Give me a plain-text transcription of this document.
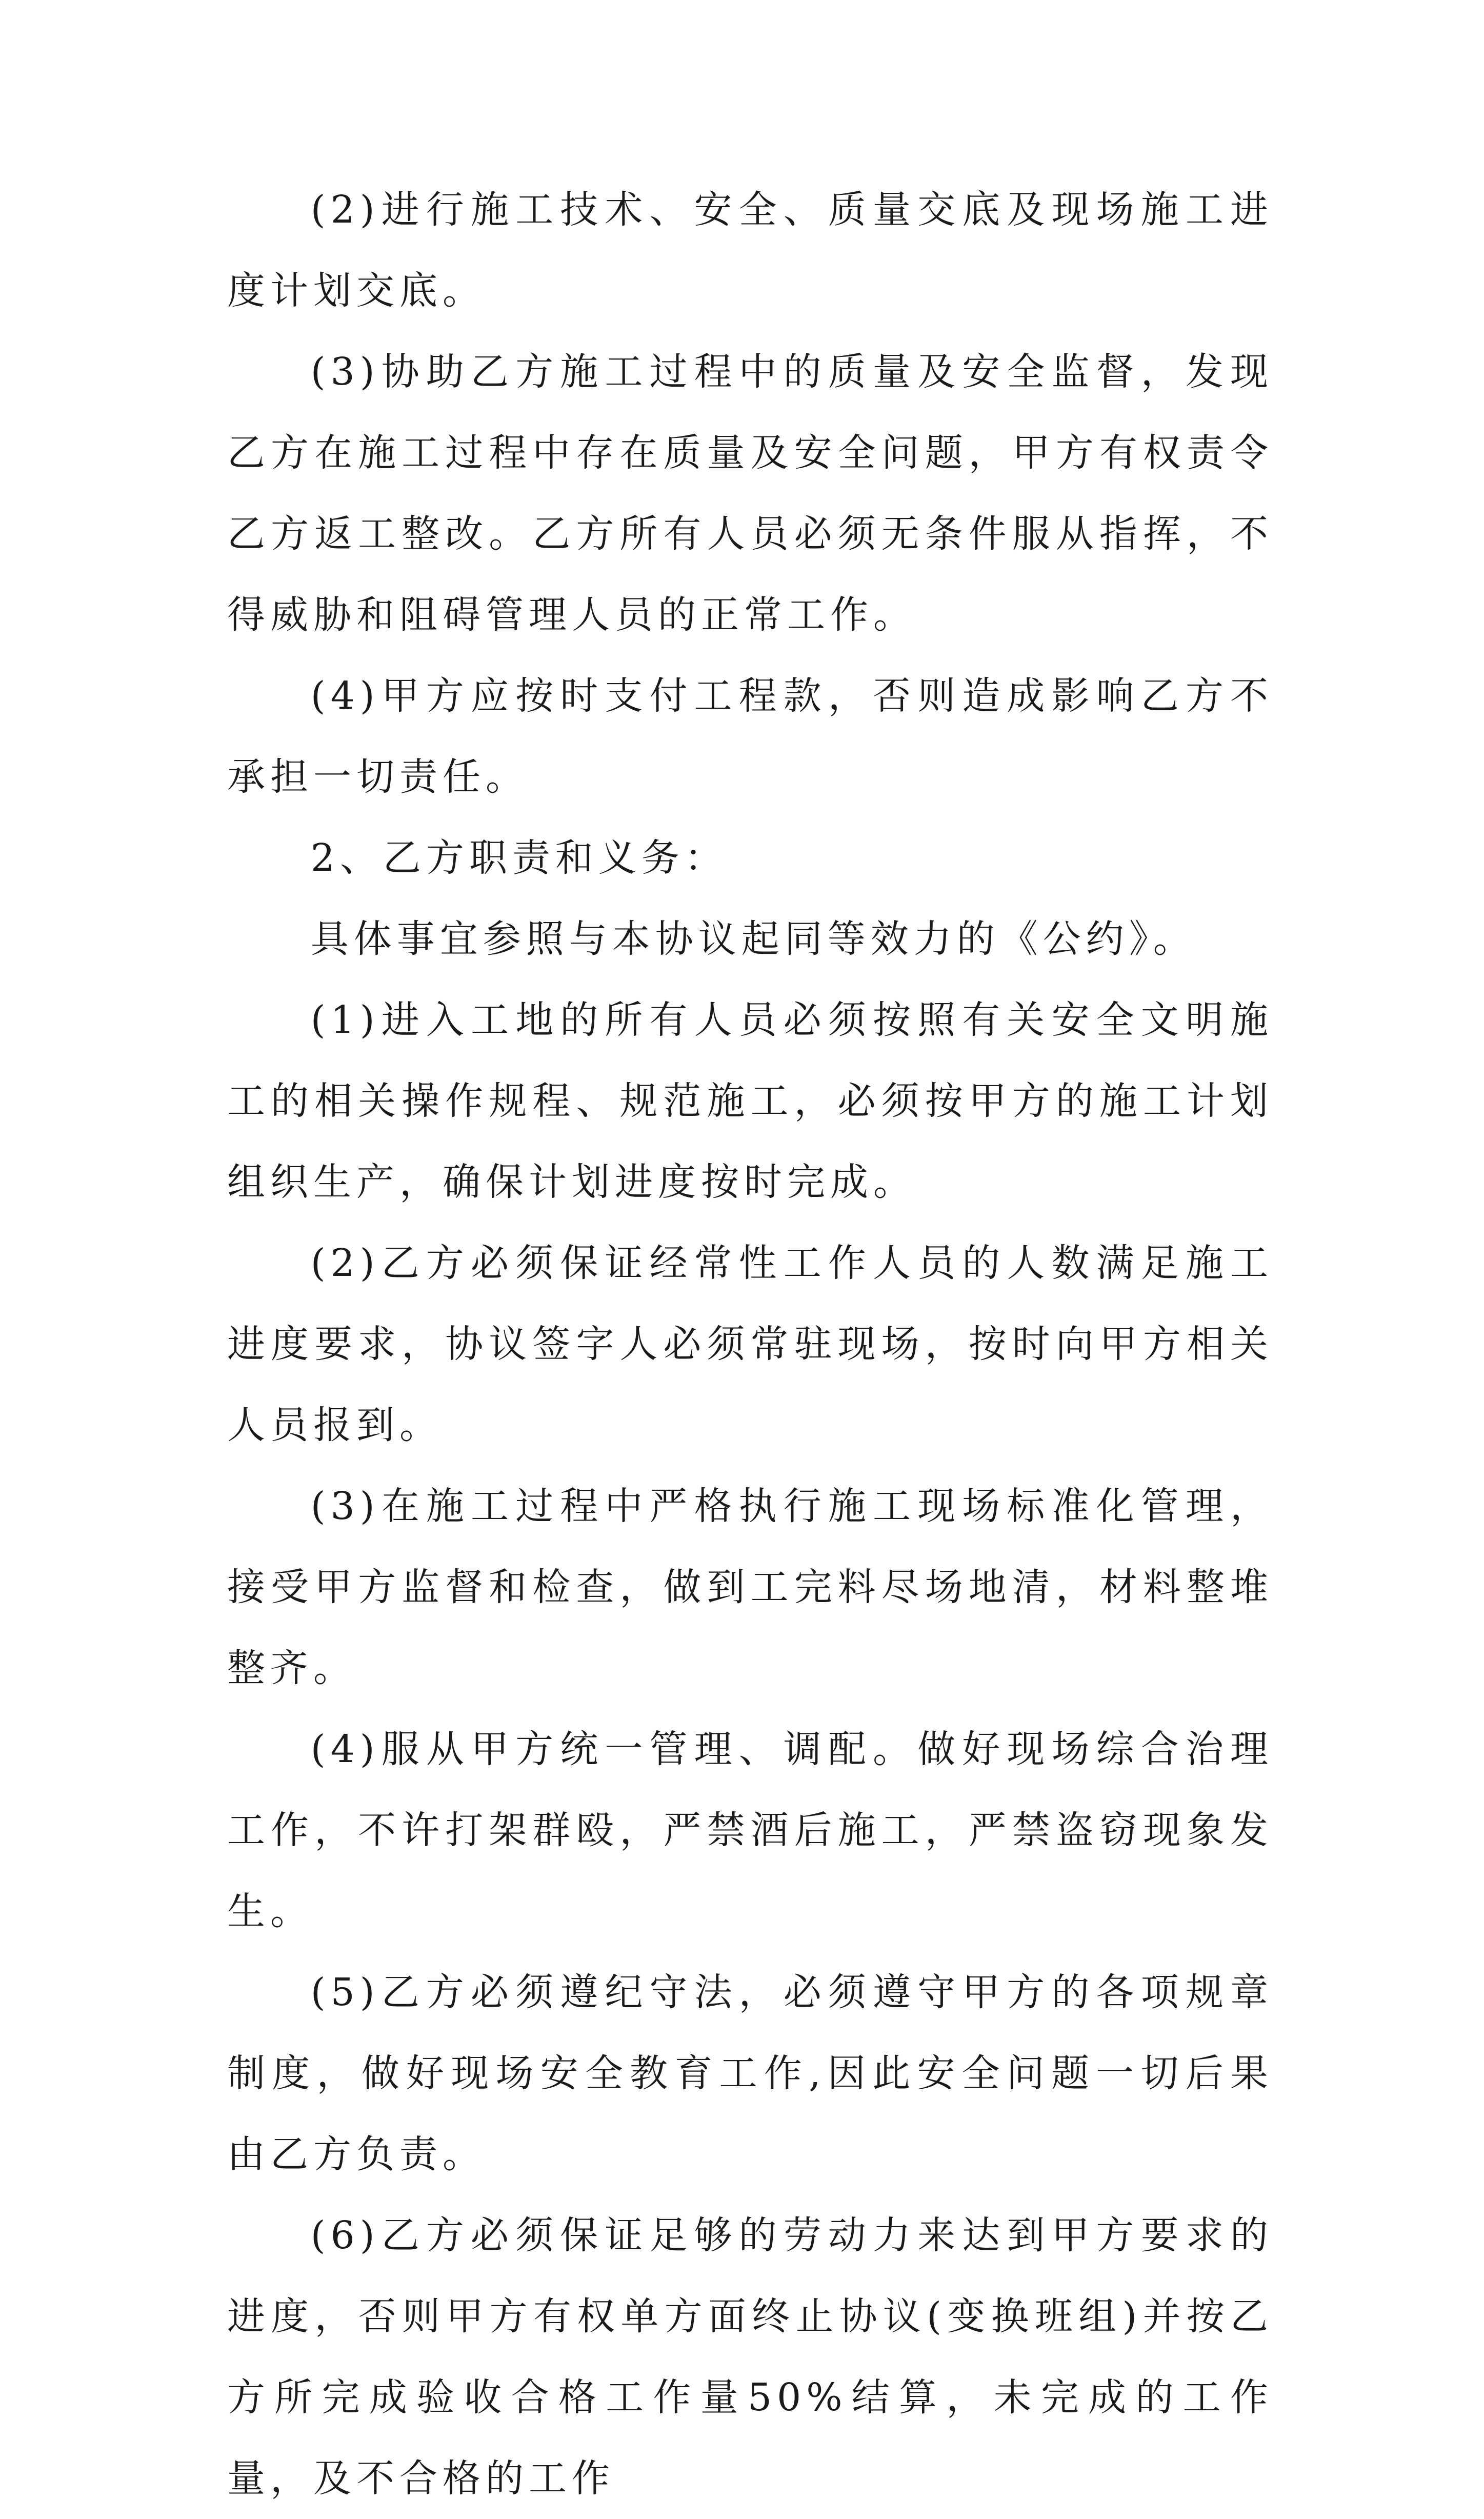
(2)进行施工技术、安全、质量交底及现场施工进度计划交底。

(3)协助乙方施工过程中的质量及安全监督，发现乙方在施工过程中存在质量及安全问题，甲方有权责令乙方返工整改。乙方所有人员必须无条件服从指挥，不得威胁和阻碍管理人员的正常工作。

(4)甲方应按时支付工程款，否则造成影响乙方不承担一切责任。

2、乙方职责和义务：

具体事宜参照与本协议起同等效力的《公约》。

(1)进入工地的所有人员必须按照有关安全文明施工的相关操作规程、规范施工，必须按甲方的施工计划组织生产，确保计划进度按时完成。

(2)乙方必须保证经常性工作人员的人数满足施工进度要求，协议签字人必须常驻现场，按时向甲方相关人员报到。

(3)在施工过程中严格执行施工现场标准化管理，接受甲方监督和检查，做到工完料尽场地清，材料整堆整齐。

(4)服从甲方统一管理、调配。做好现场综合治理工作，不许打架群殴，严禁酒后施工，严禁盗窃现象发生。

(5)乙方必须遵纪守法，必须遵守甲方的各项规章制度，做好现场安全教育工作,因此安全问题一切后果由乙方负责。

(6)乙方必须保证足够的劳动力来达到甲方要求的进度，否则甲方有权单方面终止协议(变换班组)并按乙方所完成验收合格工作量50%结算，未完成的工作量，及不合格的工作
